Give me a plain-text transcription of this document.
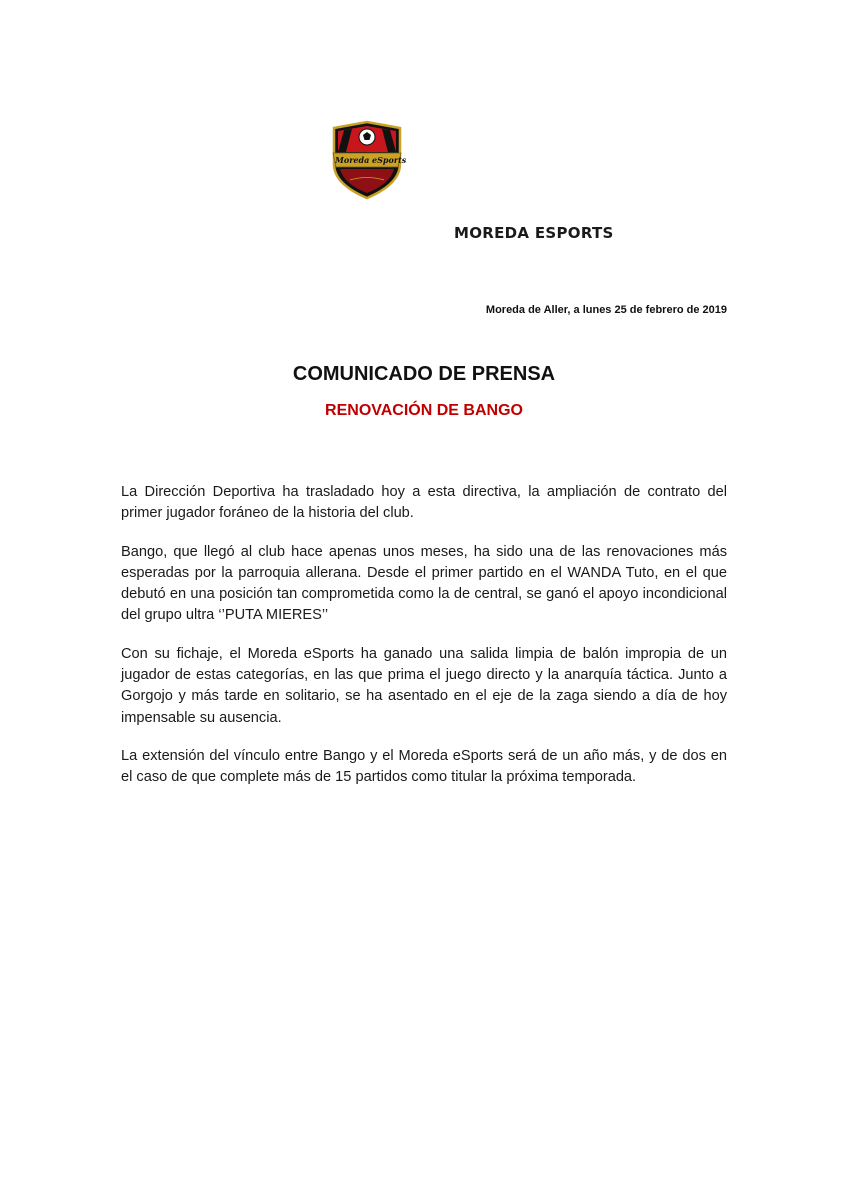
Moreda eSports
MOREDA ESPORTS
Moreda de Aller, a lunes 25 de febrero de 2019
COMUNICADO DE PRENSA
RENOVACIÓN DE BANGO

La Dirección Deportiva ha trasladado hoy a esta directiva, la ampliación de contrato del primer jugador foráneo de la historia del club.

Bango, que llegó al club hace apenas unos meses, ha sido una de las renovaciones más esperadas por la parroquia allerana. Desde el primer partido en el WANDA Tuto, en el que debutó en una posición tan comprometida como la de central, se ganó el apoyo incondicional del grupo ultra ‘’PUTA MIERES’’

Con su fichaje, el Moreda eSports ha ganado una salida limpia de balón impropia de un jugador de estas categorías, en las que prima el juego directo y la anarquía táctica. Junto a Gorgojo y más tarde en solitario, se ha asentado en el eje de la zaga siendo a día de hoy impensable su ausencia.

La extensión del vínculo entre Bango y el Moreda eSports será de un año más, y de dos en el caso de que complete más de 15 partidos como titular la próxima temporada.
